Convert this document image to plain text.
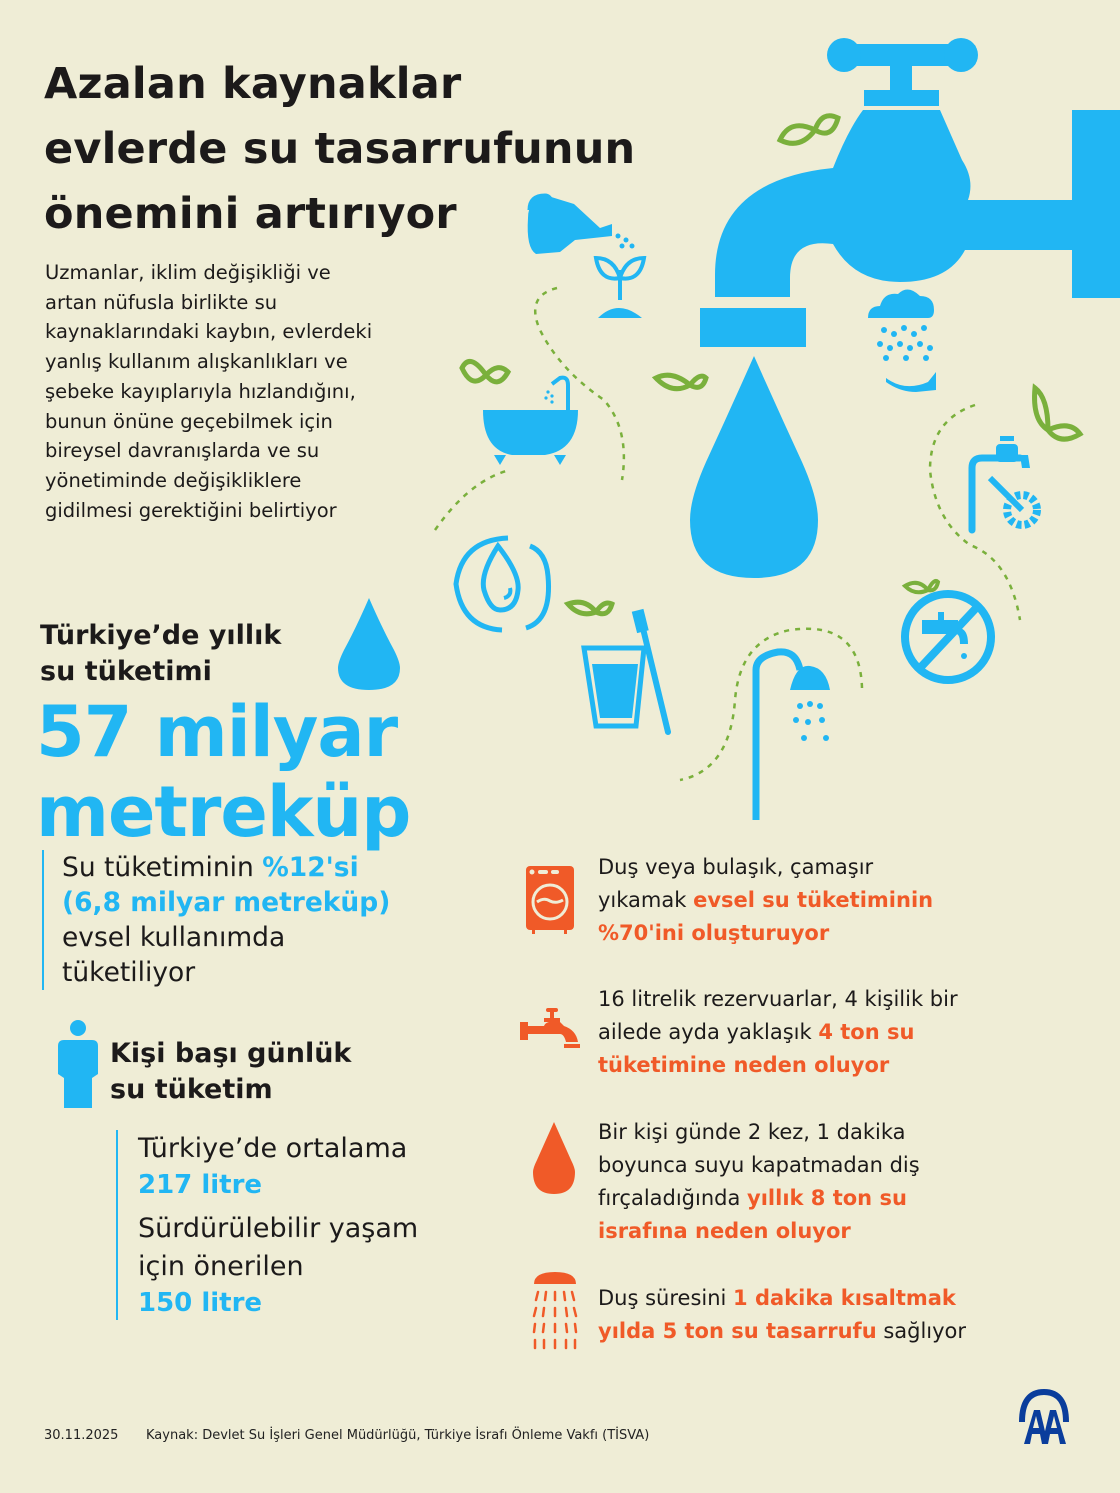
Azalan kaynaklar
evlerde su tasarrufunun
önemini artırıyor
Uzmanlar, iklim değişikliği ve
artan nüfusla birlikte su
kaynaklarındaki kaybın, evlerdeki
yanlış kullanım alışkanlıkları ve
şebeke kayıplarıyla hızlandığını,
bunun önüne geçebilmek için
bireysel davranışlarda ve su
yönetiminde değişikliklere
gidilmesi gerektiğini belirtiyor
Türkiye’de yıllık
su tüketimi
57 milyar
metreküp
Su tüketiminin %12'si
(6,8 milyar metreküp)
evsel kullanımda
tüketiliyor
Kişi başı günlük
su tüketim
Türkiye’de ortalama
217 litre
Sürdürülebilir yaşam
için önerilen
150 litre
Duş veya bulaşık, çamaşır
yıkamak evsel su tüketiminin
%70'ini oluşturuyor
16 litrelik rezervuarlar, 4 kişilik bir
ailede ayda yaklaşık 4 ton su
tüketimine neden oluyor
Bir kişi günde 2 kez, 1 dakika
boyunca suyu kapatmadan diş
fırçaladığında yıllık 8 ton su
israfına neden oluyor
Duş süresini 1 dakika kısaltmak
yılda 5 ton su tasarrufu sağlıyor
30.11.2025 Kaynak: Devlet Su İşleri Genel Müdürlüğü, Türkiye İsrafı Önleme Vakfı (TİSVA)
